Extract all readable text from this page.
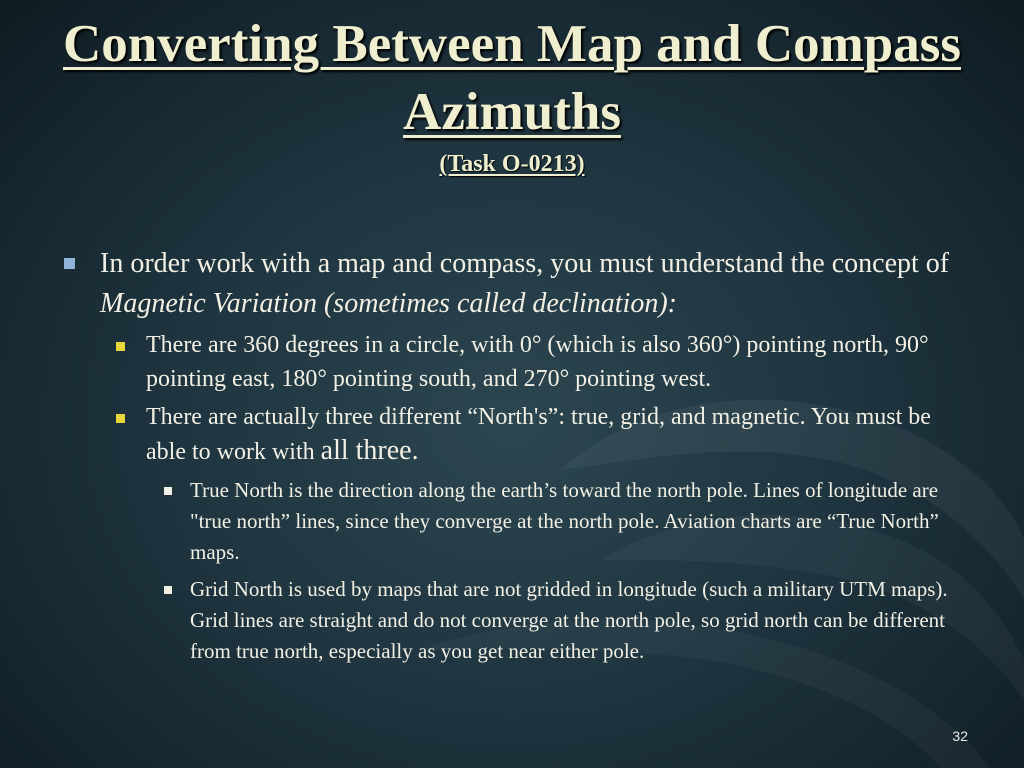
Converting Between Map and Compass Azimuths
(Task O-0213)
In order work with a map and compass, you must understand the concept of Magnetic Variation (sometimes called declination):
There are 360 degrees in a circle, with 0° (which is also 360°) pointing north, 90° pointing east, 180° pointing south, and 270° pointing west.
There are actually three different “North's”: true, grid, and magnetic. You must be able to work with all three.
True North is the direction along the earth’s toward the north pole. Lines of longitude are "true north” lines, since they converge at the north pole. Aviation charts are “True North” maps.
Grid North is used by maps that are not gridded in longitude (such a military UTM maps). Grid lines are straight and do not converge at the north pole, so grid north can be different from true north, especially as you get near either pole.
32
